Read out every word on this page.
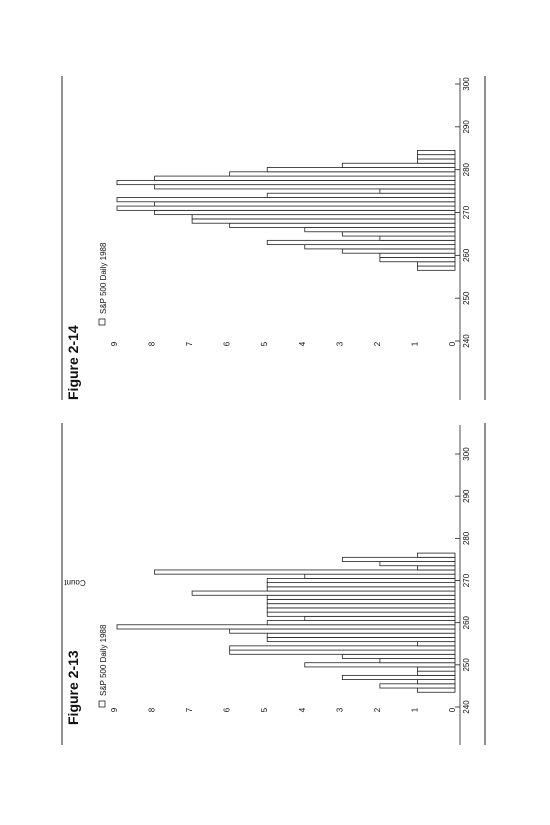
Figure 2-13	0
1
2
3
4
5
6
7
8
9	240
250
260
270
280
290
300
S&P 500 Daily 1988
Count
Figure 2-14	0
1
2
3
4
5
6
7
8
9	240
250
260
270
280
290
300
S&P 500 Daily 1988
